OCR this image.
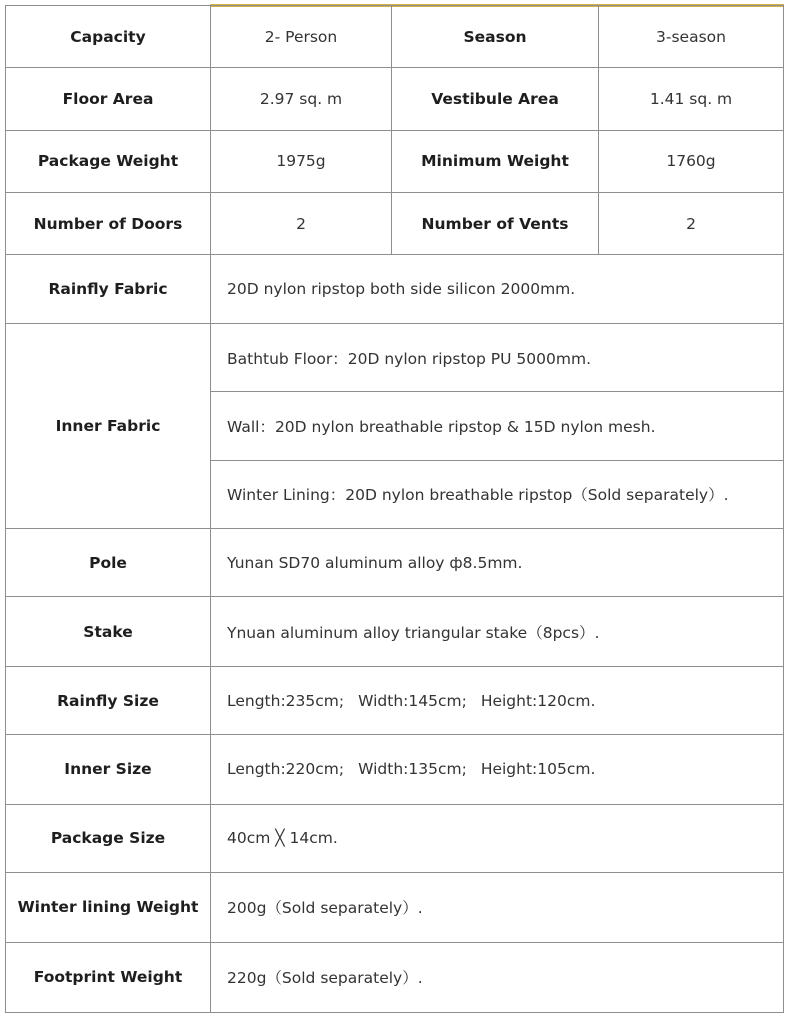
Capacity	2- Person	Season	3-season
Floor Area	2.97 sq. m	Vestibule Area	1.41 sq. m
Package Weight	1975g	Minimum Weight	1760g
Number of Doors	2	Number of Vents	2
Rainfly Fabric	20D nylon ripstop both side silicon 2000mm.		
Inner Fabric	Bathtub Floor：20D nylon ripstop PU 5000mm.		
	Wall：20D nylon breathable ripstop & 15D nylon mesh.		
	Winter Lining：20D nylon breathable ripstop（Sold separately）.		
Pole	Yunan SD70 aluminum alloy ф8.5mm.		
Stake	Ynuan aluminum alloy triangular stake（8pcs）.		
Rainfly Size	Length:235cm; Width:145cm; Height:120cm.		
Inner Size	Length:220cm; Width:135cm; Height:105cm.		
Package Size	40cm ╳ 14cm.		
Winter lining Weight	200g（Sold separately）.		
Footprint Weight	220g（Sold separately）.		
